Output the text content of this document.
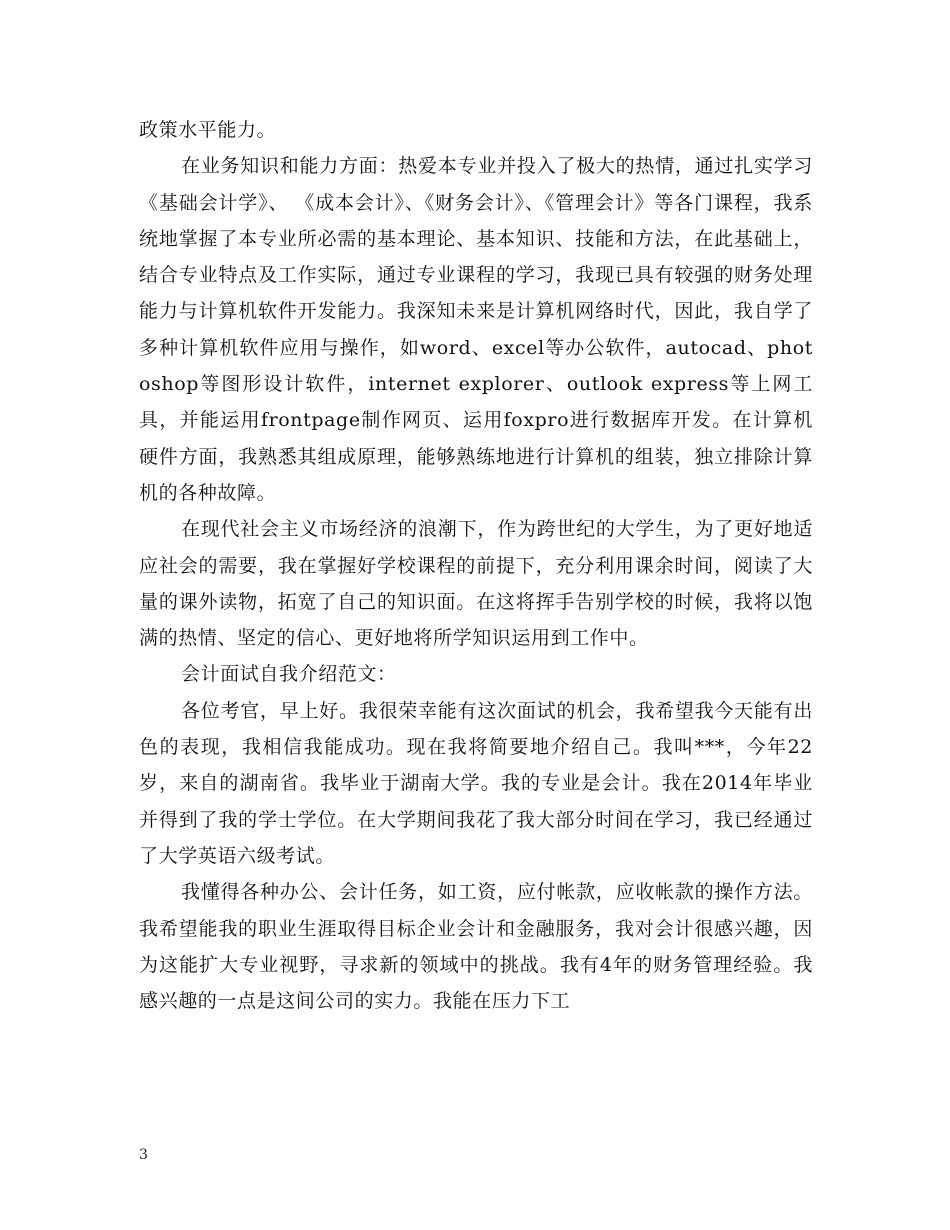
政策水平能力。

在业务知识和能力方面：热爱本专业并投入了极大的热情，通过扎实学习《基础会计学》、 《成本会计》、《财务会计》、《管理会计》等各门课程，我系统地掌握了本专业所必需的基本理论、基本知识、技能和方法，在此基础上，结合专业特点及工作实际，通过专业课程的学习，我现已具有较强的财务处理能力与计算机软件开发能力。我深知未来是计算机网络时代，因此，我自学了多种计算机软件应用与操作，如word、excel等办公软件，autocad、photoshop等图形设计软件，internet explorer、outlook express等上网工具，并能运用frontpage制作网页、运用foxpro进行数据库开发。在计算机硬件方面，我熟悉其组成原理，能够熟练地进行计算机的组装，独立排除计算机的各种故障。

在现代社会主义市场经济的浪潮下，作为跨世纪的大学生，为了更好地适应社会的需要，我在掌握好学校课程的前提下，充分利用课余时间，阅读了大量的课外读物，拓宽了自己的知识面。在这将挥手告别学校的时候，我将以饱满的热情、坚定的信心、更好地将所学知识运用到工作中。

会计面试自我介绍范文：

各位考官，早上好。我很荣幸能有这次面试的机会，我希望我今天能有出色的表现，我相信我能成功。现在我将简要地介绍自己。我叫***，今年22岁，来自的湖南省。我毕业于湖南大学。我的专业是会计。我在2014年毕业并得到了我的学士学位。在大学期间我花了我大部分时间在学习，我已经通过了大学英语六级考试。

我懂得各种办公、会计任务，如工资，应付帐款，应收帐款的操作方法。我希望能我的职业生涯取得目标企业会计和金融服务，我对会计很感兴趣，因为这能扩大专业视野，寻求新的领域中的挑战。我有4年的财务管理经验。我感兴趣的一点是这间公司的实力。我能在压力下工

3
